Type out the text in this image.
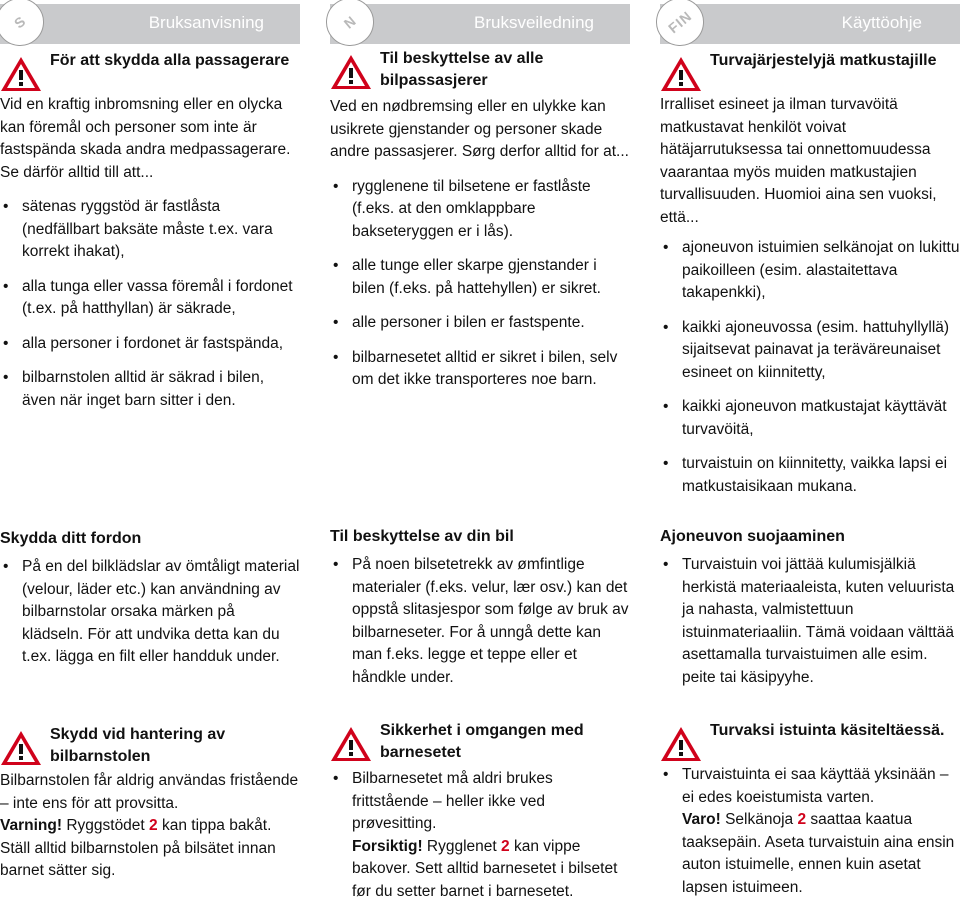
S	Bruksanvisning
För att skydda alla passagerare

Vid en kraftig inbromsning eller en olycka kan föremål och personer som inte är fastspända skada andra medpassagerare. Se därför alltid till att...

• sätenas ryggstöd är fastlåsta (nedfällbart baksäte måste t.ex. vara korrekt ihakat),
• alla tunga eller vassa föremål i fordonet (t.ex. på hatthyllan) är säkrade,
• alla personer i fordonet är fastspända,
• bilbarnstolen alltid är säkrad i bilen, även när inget barn sitter i den.
Skydda ditt fordon
• På en del bilklädslar av ömtåligt material (velour, läder etc.) kan användning av bilbarnstolar orsaka märken på klädseln. För att undvika detta kan du t.ex. lägga en filt eller handduk under.
Skydd vid hantering av bilbarnstolen

Bilbarnstolen får aldrig användas fristående – inte ens för att provsitta.

Varning! Ryggstödet 2 kan tippa bakåt. Ställ alltid bilbarnstolen på bilsätet innan barnet sätter sig.

N	Bruksveiledning
Til beskyttelse av alle bilpassasjerer

Ved en nødbremsing eller en ulykke kan usikrete gjenstander og personer skade andre passasjerer. Sørg derfor alltid for at...

• rygglenene til bilsetene er fastlåste (f.eks. at den omklappbare bakseteryggen er i lås).
• alle tunge eller skarpe gjenstander i bilen (f.eks. på hattehyllen) er sikret.
• alle personer i bilen er fastspente.
• bilbarnesetet alltid er sikret i bilen, selv om det ikke transporteres noe barn.
Til beskyttelse av din bil
• På noen bilsetetrekk av ømfintlige materialer (f.eks. velur, lær osv.) kan det oppstå slitasjespor som følge av bruk av bilbarneseter. For å unngå dette kan man f.eks. legge et teppe eller et håndkle under.
Sikkerhet i omgangen med barnesetet
• Bilbarnesetet må aldri brukes frittstående – heller ikke ved prøvesitting.
Forsiktig! Rygglenet 2 kan vippe bakover. Sett alltid barnesetet i bilsetet før du setter barnet i barnesetet.
FIN	Käyttöohje
Turvajärjestelyjä matkustajille

Irralliset esineet ja ilman turvavöitä matkustavat henkilöt voivat hätäjarrutuksessa tai onnettomuudessa vaarantaa myös muiden matkustajien turvallisuuden. Huomioi aina sen vuoksi, että...

• ajoneuvon istuimien selkänojat on lukittu paikoilleen (esim. alastaitettava takapenkki),
• kaikki ajoneuvossa (esim. hattuhyllyllä) sijaitsevat painavat ja teräväreunaiset esineet on kiinnitetty,
• kaikki ajoneuvon matkustajat käyttävät turvavöitä,
• turvaistuin on kiinnitetty, vaikka lapsi ei matkustaisikaan mukana.
Ajoneuvon suojaaminen
• Turvaistuin voi jättää kulumisjälkiä herkistä materiaaleista, kuten veluurista ja nahasta, valmistettuun istuinmateriaaliin. Tämä voidaan välttää asettamalla turvaistuimen alle esim. peite tai käsipyyhe.
Turvaksi istuinta käsiteltäessä.
• Turvaistuinta ei saa käyttää yksinään – ei edes koeistumista varten.
Varo! Selkänoja 2 saattaa kaatua taaksepäin. Aseta turvaistuin aina ensin auton istuimelle, ennen kuin asetat lapsen istuimeen.
